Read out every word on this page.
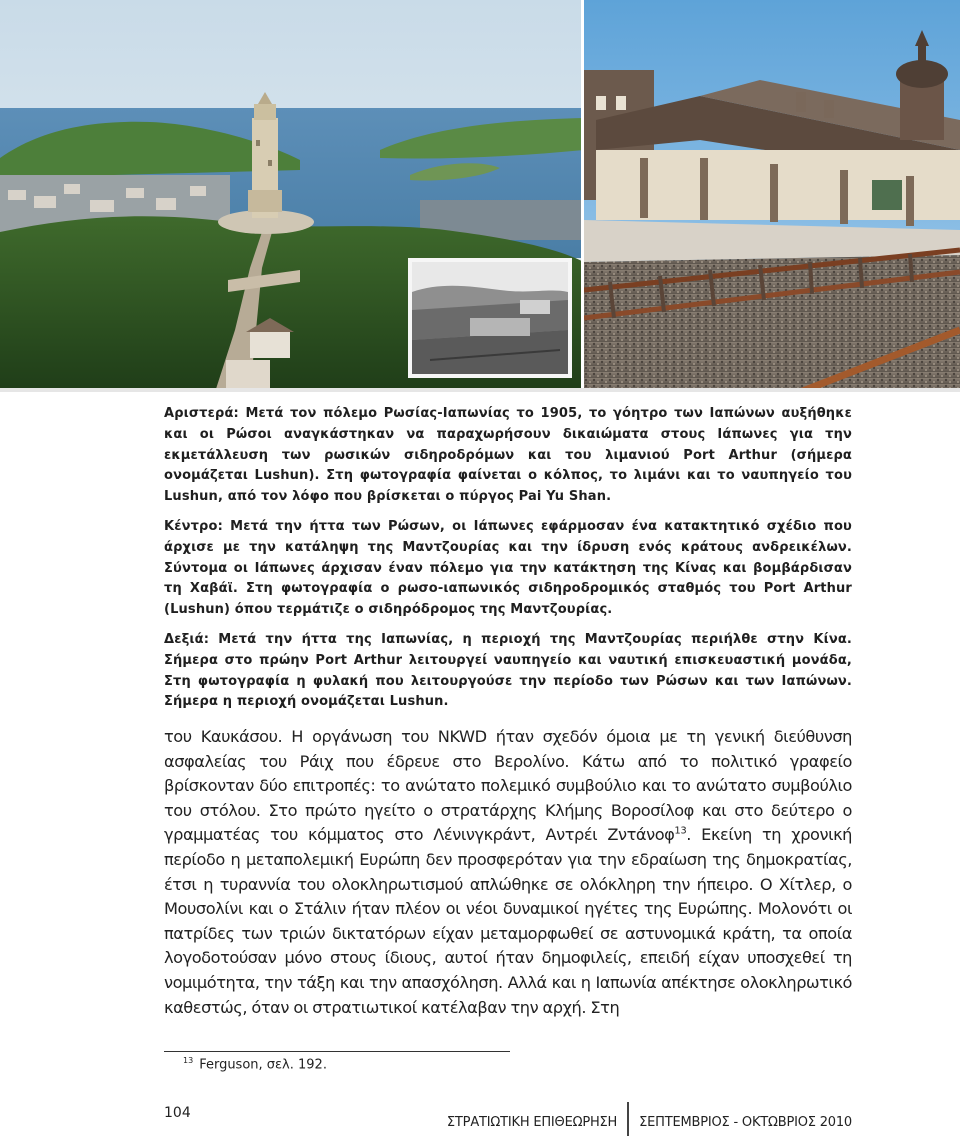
Αριστερά: Μετά τον πόλεμο Ρωσίας-Ιαπωνίας το 1905, το γόητρο των Ιαπώνων αυξήθηκε και οι Ρώσοι αναγκάστηκαν να παραχωρήσουν δικαιώματα στους Ιάπωνες για την εκμετάλλευση των ρωσικών σιδηροδρόμων και του λιμανιού Port Arthur (σήμερα ονομάζεται Lushun). Στη φωτογραφία φαίνεται ο κόλπος, το λιμάνι και το ναυπηγείο του Lushun, από τον λόφο που βρίσκεται ο πύργος Pai Yu Shan.

Κέντρο: Μετά την ήττα των Ρώσων, οι Ιάπωνες εφάρμοσαν ένα κατακτητικό σχέδιο που άρχισε με την κατάληψη της Μαντζουρίας και την ίδρυση ενός κράτους ανδρεικέλων. Σύντομα οι Ιάπωνες άρχισαν έναν πόλεμο για την κατάκτηση της Κίνας και βομβάρδισαν τη Χαβάϊ. Στη φωτογραφία ο ρωσο-ιαπωνικός σιδηροδρομικός σταθμός του Port Arthur (Lushun) όπου τερμάτιζε ο σιδηρόδρομος της Μαντζουρίας.

Δεξιά: Μετά την ήττα της Ιαπωνίας, η περιοχή της Μαντζουρίας περιήλθε στην Κίνα. Σήμερα στο πρώην Port Arthur λειτουργεί ναυπηγείο και ναυτική επισκευαστική μονάδα, Στη φωτογραφία η φυλακή που λειτουργούσε την περίοδο των Ρώσων και των Ιαπώνων. Σήμερα η περιοχή ονομάζεται Lushun.

του Καυκάσου. Η οργάνωση του NKWD ήταν σχεδόν όμοια με τη γενική διεύθυνση ασφαλείας του Ράιχ που έδρευε στο Βερολίνο. Κάτω από το πολιτικό γραφείο βρίσκονταν δύο επιτροπές: το ανώτατο πολεμικό συμβούλιο και το ανώτατο συμβούλιο του στόλου. Στο πρώτο ηγείτο ο στρατάρχης Κλήμης Βοροσίλοφ και στο δεύτερο ο γραμματέας του κόμματος στο Λένινγκράντ, Αντρέι Ζντάνοφ$^{13}$. Εκείνη τη χρονική περίοδο η μεταπολεμική Ευρώπη δεν προσφερόταν για την εδραίωση της δημοκρατίας, έτσι η τυραννία του ολοκληρωτισμού απλώθηκε σε ολόκληρη την ήπειρο. Ο Χίτλερ, ο Μουσολίνι και ο Στάλιν ήταν πλέον οι νέοι δυναμικοί ηγέτες της Ευρώπης. Μολονότι οι πατρίδες των τριών δικτατόρων είχαν μεταμορφωθεί σε αστυνομικά κράτη, τα οποία λογοδοτούσαν μόνο στους ίδιους, αυτοί ήταν δημοφιλείς, επειδή είχαν υποσχεθεί τη νομιμότητα, την τάξη και την απασχόληση. Αλλά και η Ιαπωνία απέκτησε ολοκληρωτικό καθεστώς, όταν οι στρατιωτικοί κατέλαβαν την αρχή. Στη
$^{13}$ Ferguson, σελ. 192.
104
ΣΤΡΑΤΙΩΤΙΚΗ ΕΠΙΘΕΩΡΗΣΗ ΣΕΠΤΕΜΒΡΙΟΣ - ΟΚΤΩΒΡΙΟΣ 2010
